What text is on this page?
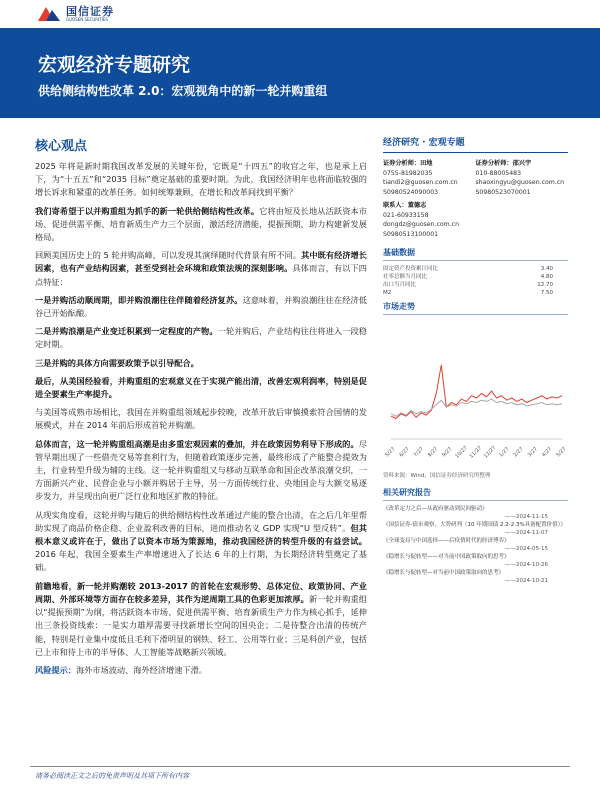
国信证券
GUOSEN SECURITIES
宏观经济专题研究
供给侧结构性改革 2.0：宏观视角中的新一轮并购重组
核心观点

2025 年将是新时期我国改革发展的关键年份，它既是“十四五”的收官之年，也是承上启下，为“十五五”和“2035 目标”奠定基础的重要时期。为此，我国经济明年也将面临较强的增长诉求和紧重的改革任务。如何统筹兼顾，在增长和改革间找到平衡？

我们寄希望于以并购重组为抓手的新一轮供给侧结构性改革。它将由短及长地从活跃资本市场、促进供需平衡、培育新质生产力三个层面，激活经济潜能，提振预期，助力构建新发展格局。

回顾美国历史上的 5 轮并购高峰，可以发现其演绎随时代背景有所不同。其中既有经济增长因素，也有产业结构因素，甚至受到社会环境和政策法规的深刻影响。具体而言，有以下四点特征：

一是并购活动顺周期，即并购浪潮往往伴随着经济复苏。这意味着，并购浪潮往往在经济低谷已开始酝酿。

二是并购浪潮是产业变迁积累到一定程度的产物。一轮并购后，产业结构往往将进入一段稳定时期。

三是并购的具体方向需要政策予以引导配合。

最后，从美国经验看，并购重组的宏观意义在于实现产能出清，改善宏观利润率，特别是促进全要素生产率提升。

与美国等成熟市场相比，我国在并购重组领域起步较晚，改革开放后审慎摸索符合国情的发展模式，并在 2014 年前后形成首轮并购潮。

总体而言，这一轮并购重组高潮是由多重宏观因素的叠加，并在政策因势利导下形成的。尽管早期出现了一些借壳交易等套利行为，但随着政策逐步完善，最终形成了产能整合提效为主，行业转型升级为辅的主线。这一轮并购重组又与移动互联革命和国企改革浪潮交织，一方面新兴产业、民营企业与小额并购居于主导，另一方面传统行业、央地国企与大额交易逐步发力，并呈现出向更广泛行业和地区扩散的特征。

从现实角度看，这轮并购与随后的供给侧结构性改革通过产能的整合出清，在之后几年里帮助实现了商品价格企稳、企业盈利改善的目标，进而推动名义 GDP 实现“U 型反转”。但其根本意义或许在于，做出了以资本市场为策源地，推动我国经济的转型升级的有益尝试。2016 年起，我国全要素生产率增速进入了长达 6 年的上行期，为长期经济转型奠定了基础。

前瞻地看，新一轮并购潮较 2013-2017 的首轮在宏观形势、总体定位、政策协同、产业周期、外部环境等方面存在较多差异，其作为逆周期工具的色彩更加浓厚。新一轮并购重组以“提振预期”为纲，将活跃资本市场、促进供需平衡、培育新质生产力作为核心抓手，延伸出三条投资线索：一是实力雄厚需要寻找新增长空间的国央企；二是待整合出清的传统产能，特别是行业集中度低且毛利下滑明显的钢铁、轻工、公用等行业；三是科创产业，包括已上市和待上市的半导体、人工智能等战略新兴领域。

风险提示：海外市场波动、海外经济增速下滑。

经济研究 · 宏观专题
证券分析师：田地
0755-81982035
tiandi2@guosen.com.cn
S0980524090003
证券分析师：邵兴宇
010-88005483
shaoxingyu@guosen.com.cn
S0980523070001
联系人：董德志
021-60933158
dongdz@guosen.com.cn
S0980513100001
基础数据
固定资产投资累计同比	3.40
社零总额当月同比	4.80
出口当月同比	12.70
M2	7.50
市场走势
5/27 6/27 7/27 8/27 9/27 10/27 11/27 12/27 1/27 2/27 3/27 4/27 5/27
资料来源：Wind、国信证券经济研究所整理
相关研究报告
《改革定力之后—从政府驱动到民间驱动》
——2024-11-15
《国信证券-债市观察，大势研判（10 年期国债 2.2-2.3%具备配置价值）》
——2024-11-07
《全球变局与中国选择——后疫情时代的经济博弈》
——2024-05-15
《稳增长与促转型——对当前中国政策取向的思考》
——2024-10-26
《稳增长与促转型—对当前中国政策取向的思考》
——2024-10-21
请务必阅读正文之后的免责声明及其项下所有内容
